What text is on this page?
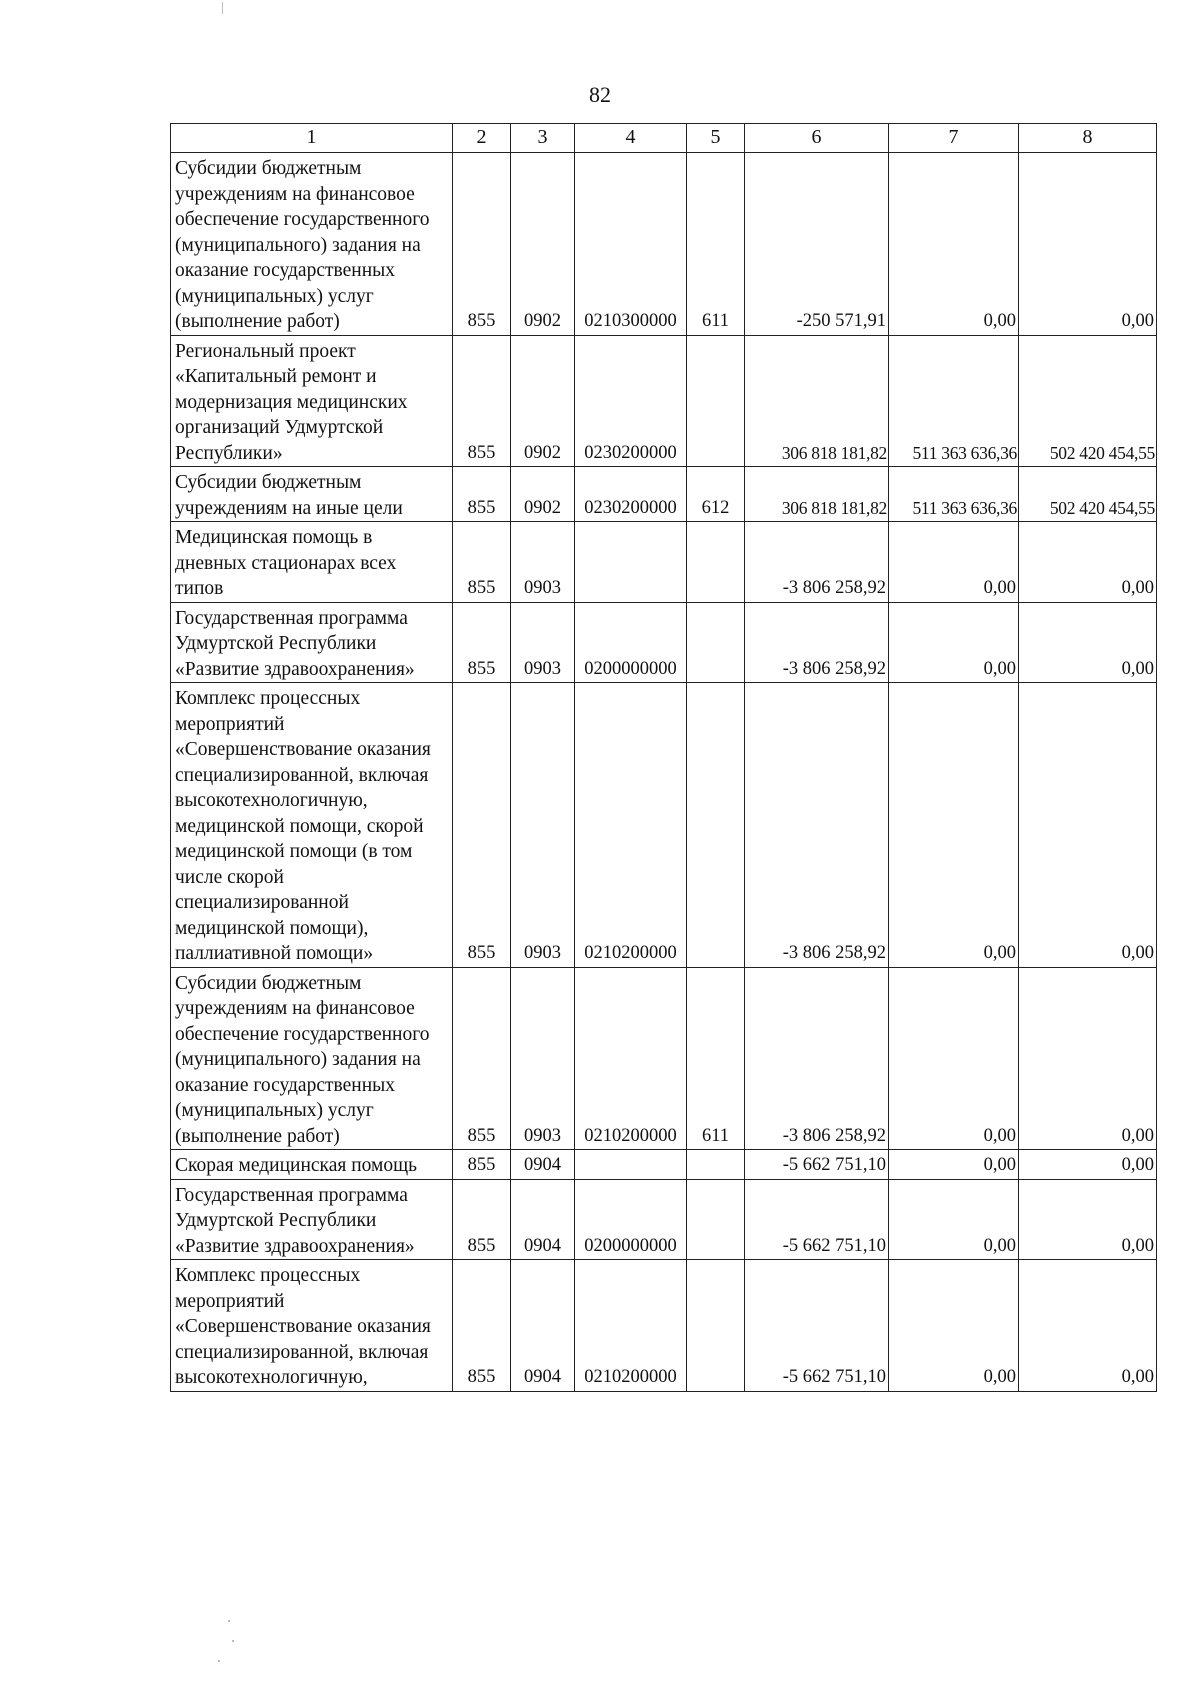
82
1	2	3	4	5	6	7	8
Субсидии бюджетным учреждениям на финансовое обеспечение государственного (муниципального) задания на оказание государственных (муниципальных) услуг (выполнение работ)	855	0902	0210300000	611	-250 571,91	0,00	0,00
Региональный проект «Капитальный ремонт и модернизация медицинских организаций Удмуртской Республики»	855	0902	0230200000		306 818 181,82	511 363 636,36	502 420 454,55
Субсидии бюджетным учреждениям на иные цели	855	0902	0230200000	612	306 818 181,82	511 363 636,36	502 420 454,55
Медицинская помощь в дневных стационарах всех типов	855	0903			-3 806 258,92	0,00	0,00
Государственная программа Удмуртской Республики «Развитие здравоохранения»	855	0903	0200000000		-3 806 258,92	0,00	0,00
Комплекс процессных мероприятий «Совершенствование оказания специализированной, включая высокотехнологичную, медицинской помощи, скорой медицинской помощи (в том числе скорой специализированной медицинской помощи), паллиативной помощи»	855	0903	0210200000		-3 806 258,92	0,00	0,00
Субсидии бюджетным учреждениям на финансовое обеспечение государственного (муниципального) задания на оказание государственных (муниципальных) услуг (выполнение работ)	855	0903	0210200000	611	-3 806 258,92	0,00	0,00
Скорая медицинская помощь	855	0904			-5 662 751,10	0,00	0,00
Государственная программа Удмуртской Республики «Развитие здравоохранения»	855	0904	0200000000		-5 662 751,10	0,00	0,00
Комплекс процессных мероприятий «Совершенствование оказания специализированной, включая высокотехнологичную,	855	0904	0210200000		-5 662 751,10	0,00	0,00
